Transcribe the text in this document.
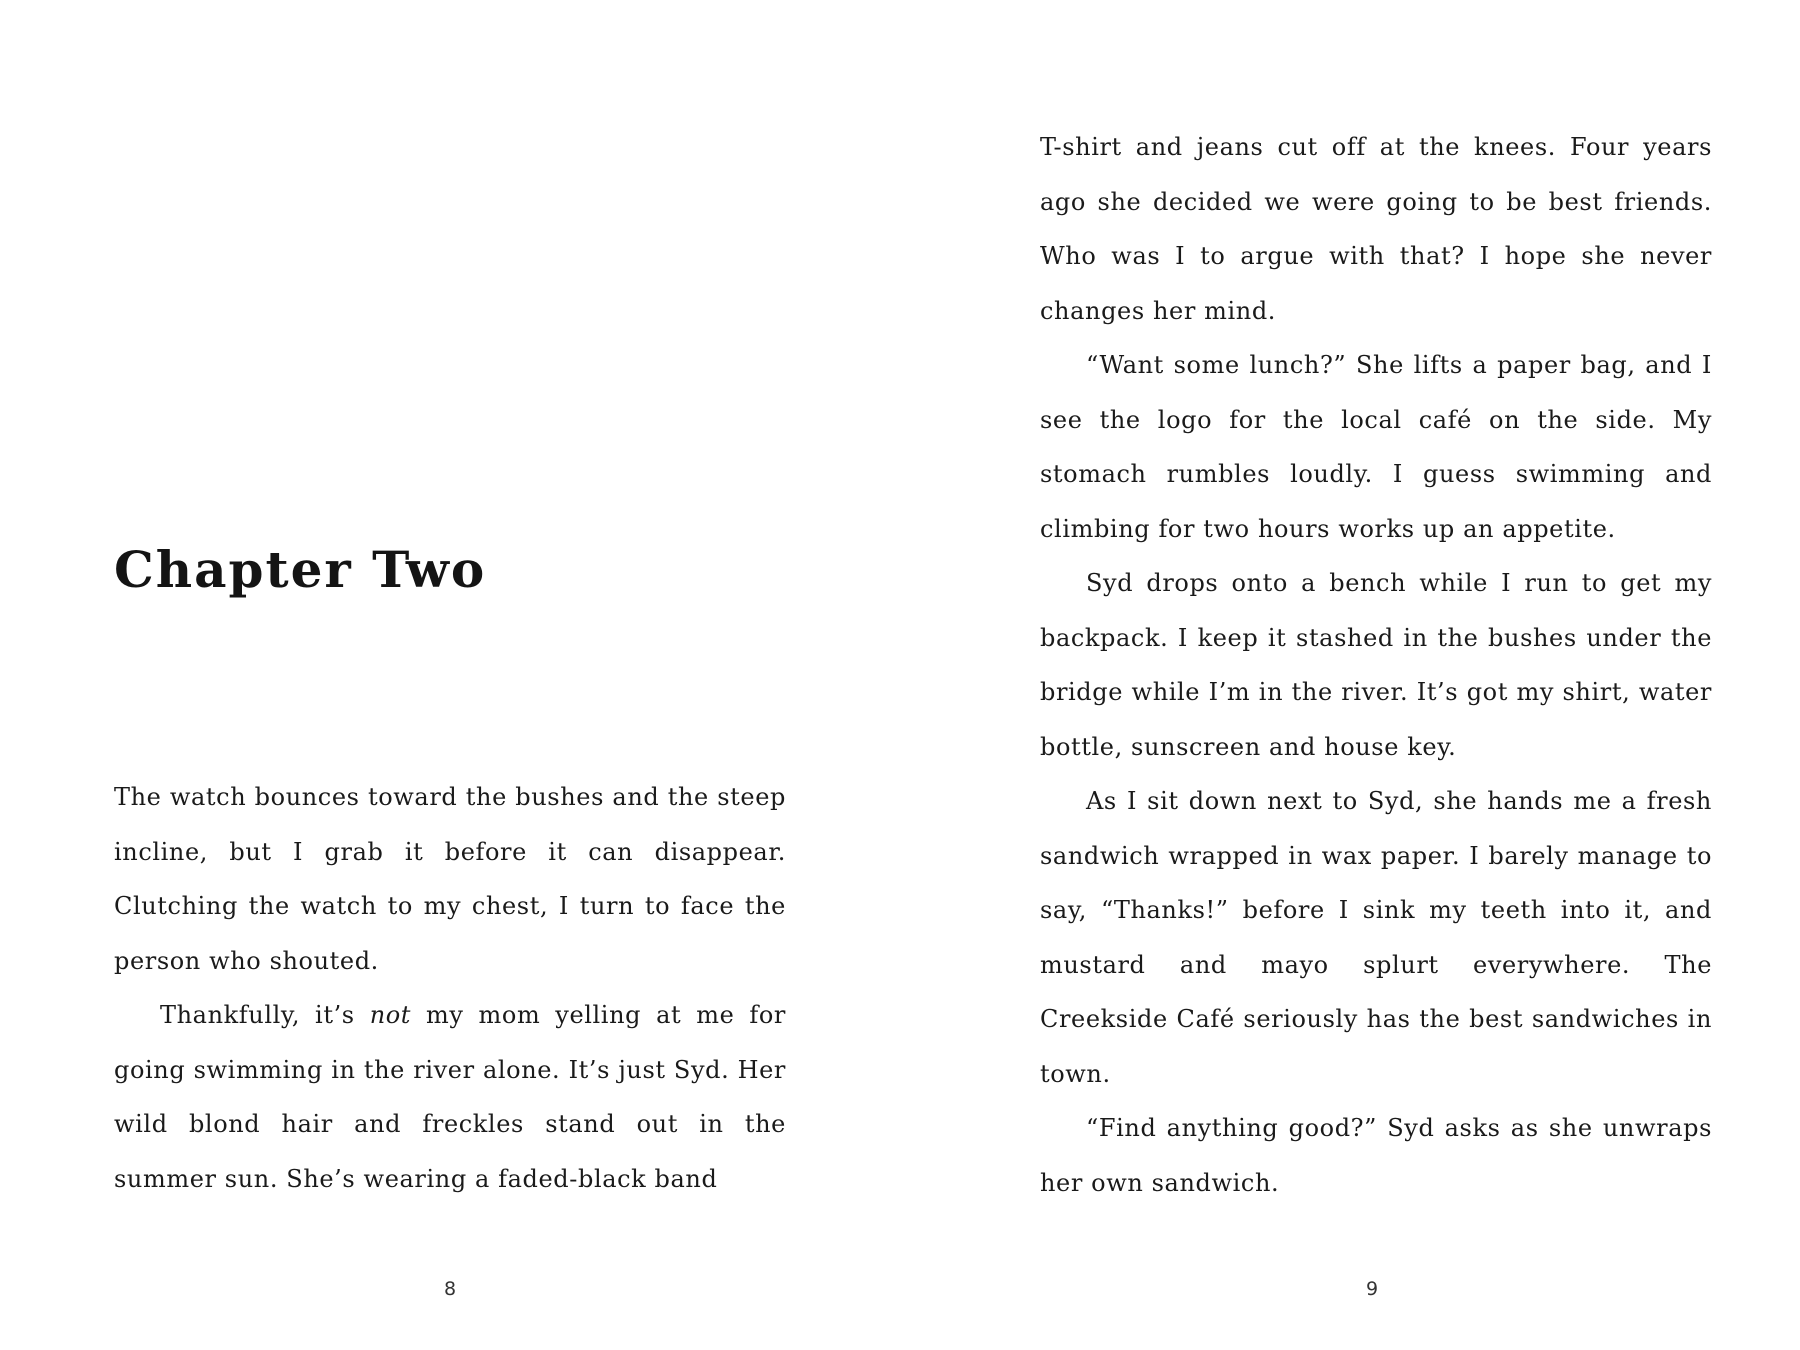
Chapter Two

The watch bounces toward the bushes and the steep incline, but I grab it before it can disappear. Clutching the watch to my chest, I turn to face the person who shouted.

Thankfully, it’s not my mom yelling at me for going swimming in the river alone. It’s just Syd. Her wild blond hair and freckles stand out in the summer sun. She’s wearing a faded-black band

8

T-shirt and jeans cut off at the knees. Four years ago she decided we were going to be best friends. Who was I to argue with that? I hope she never changes her mind.

“Want some lunch?” She lifts a paper bag, and I see the logo for the local café on the side. My stomach rumbles loudly. I guess swimming and climbing for two hours works up an appetite.

Syd drops onto a bench while I run to get my backpack. I keep it stashed in the bushes under the bridge while I’m in the river. It’s got my shirt, water bottle, sunscreen and house key.

As I sit down next to Syd, she hands me a fresh sandwich wrapped in wax paper. I barely manage to say, “Thanks!” before I sink my teeth into it, and mustard and mayo splurt everywhere. The Creekside Café seriously has the best sandwiches in town.

“Find anything good?” Syd asks as she unwraps her own sandwich.

9
